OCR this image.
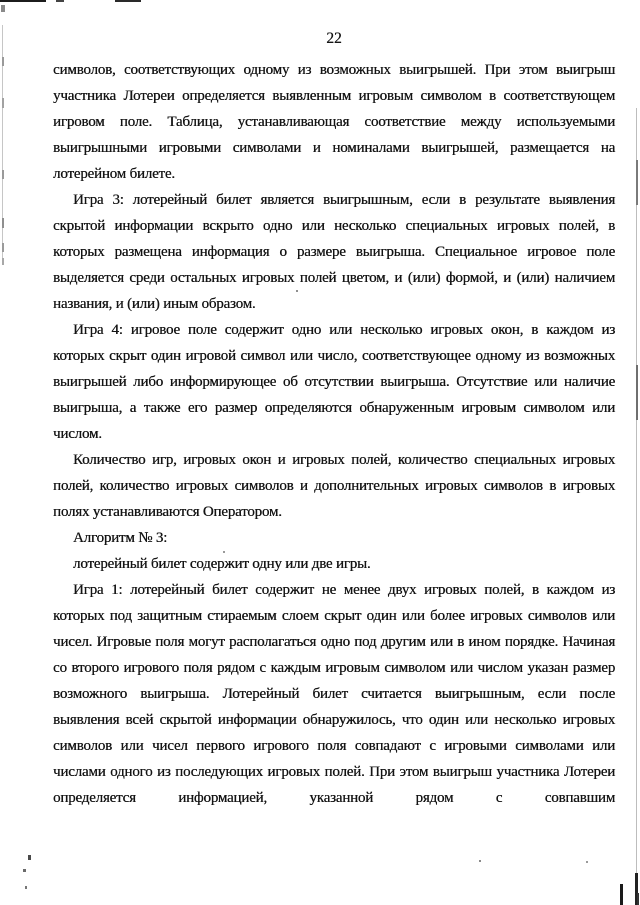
22

символов, соответствующих одному из возможных выигрышей. При этом выигрыш участника Лотереи определяется выявленным игровым символом в соответствующем игровом поле. Таблица, устанавливающая соответствие между используемыми выигрышными игровыми символами и номиналами выигрышей, размещается на лотерейном билете.

Игра 3: лотерейный билет является выигрышным, если в результате выявления скрытой информации вскрыто одно или несколько специальных игровых полей, в которых размещена информация о размере выигрыша. Специальное игровое поле выделяется среди остальных игровых полей цветом, и (или) формой, и (или) наличием названия, и (или) иным образом.

Игра 4: игровое поле содержит одно или несколько игровых окон, в каждом из которых скрыт один игровой символ или число, соответствующее одному из возможных выигрышей либо информирующее об отсутствии выигрыша. Отсутствие или наличие выигрыша, а также его размер определяются обнаруженным игровым символом или числом.

Количество игр, игровых окон и игровых полей, количество специальных игровых полей, количество игровых символов и дополнительных игровых символов в игровых полях устанавливаются Оператором.

Алгоритм № 3:

лотерейный билет содержит одну или две игры.

Игра 1: лотерейный билет содержит не менее двух игровых полей, в каждом из которых под защитным стираемым слоем скрыт один или более игровых символов или чисел. Игровые поля могут располагаться одно под другим или в ином порядке. Начиная со второго игрового поля рядом с каждым игровым символом или числом указан размер возможного выигрыша. Лотерейный билет считается выигрышным, если после выявления всей скрытой информации обнаружилось, что один или несколько игровых символов или чисел первого игрового поля совпадают с игровыми символами или числами одного из последующих игровых полей. При этом выигрыш участника Лотереи определяется информацией, указанной рядом с совпавшим
